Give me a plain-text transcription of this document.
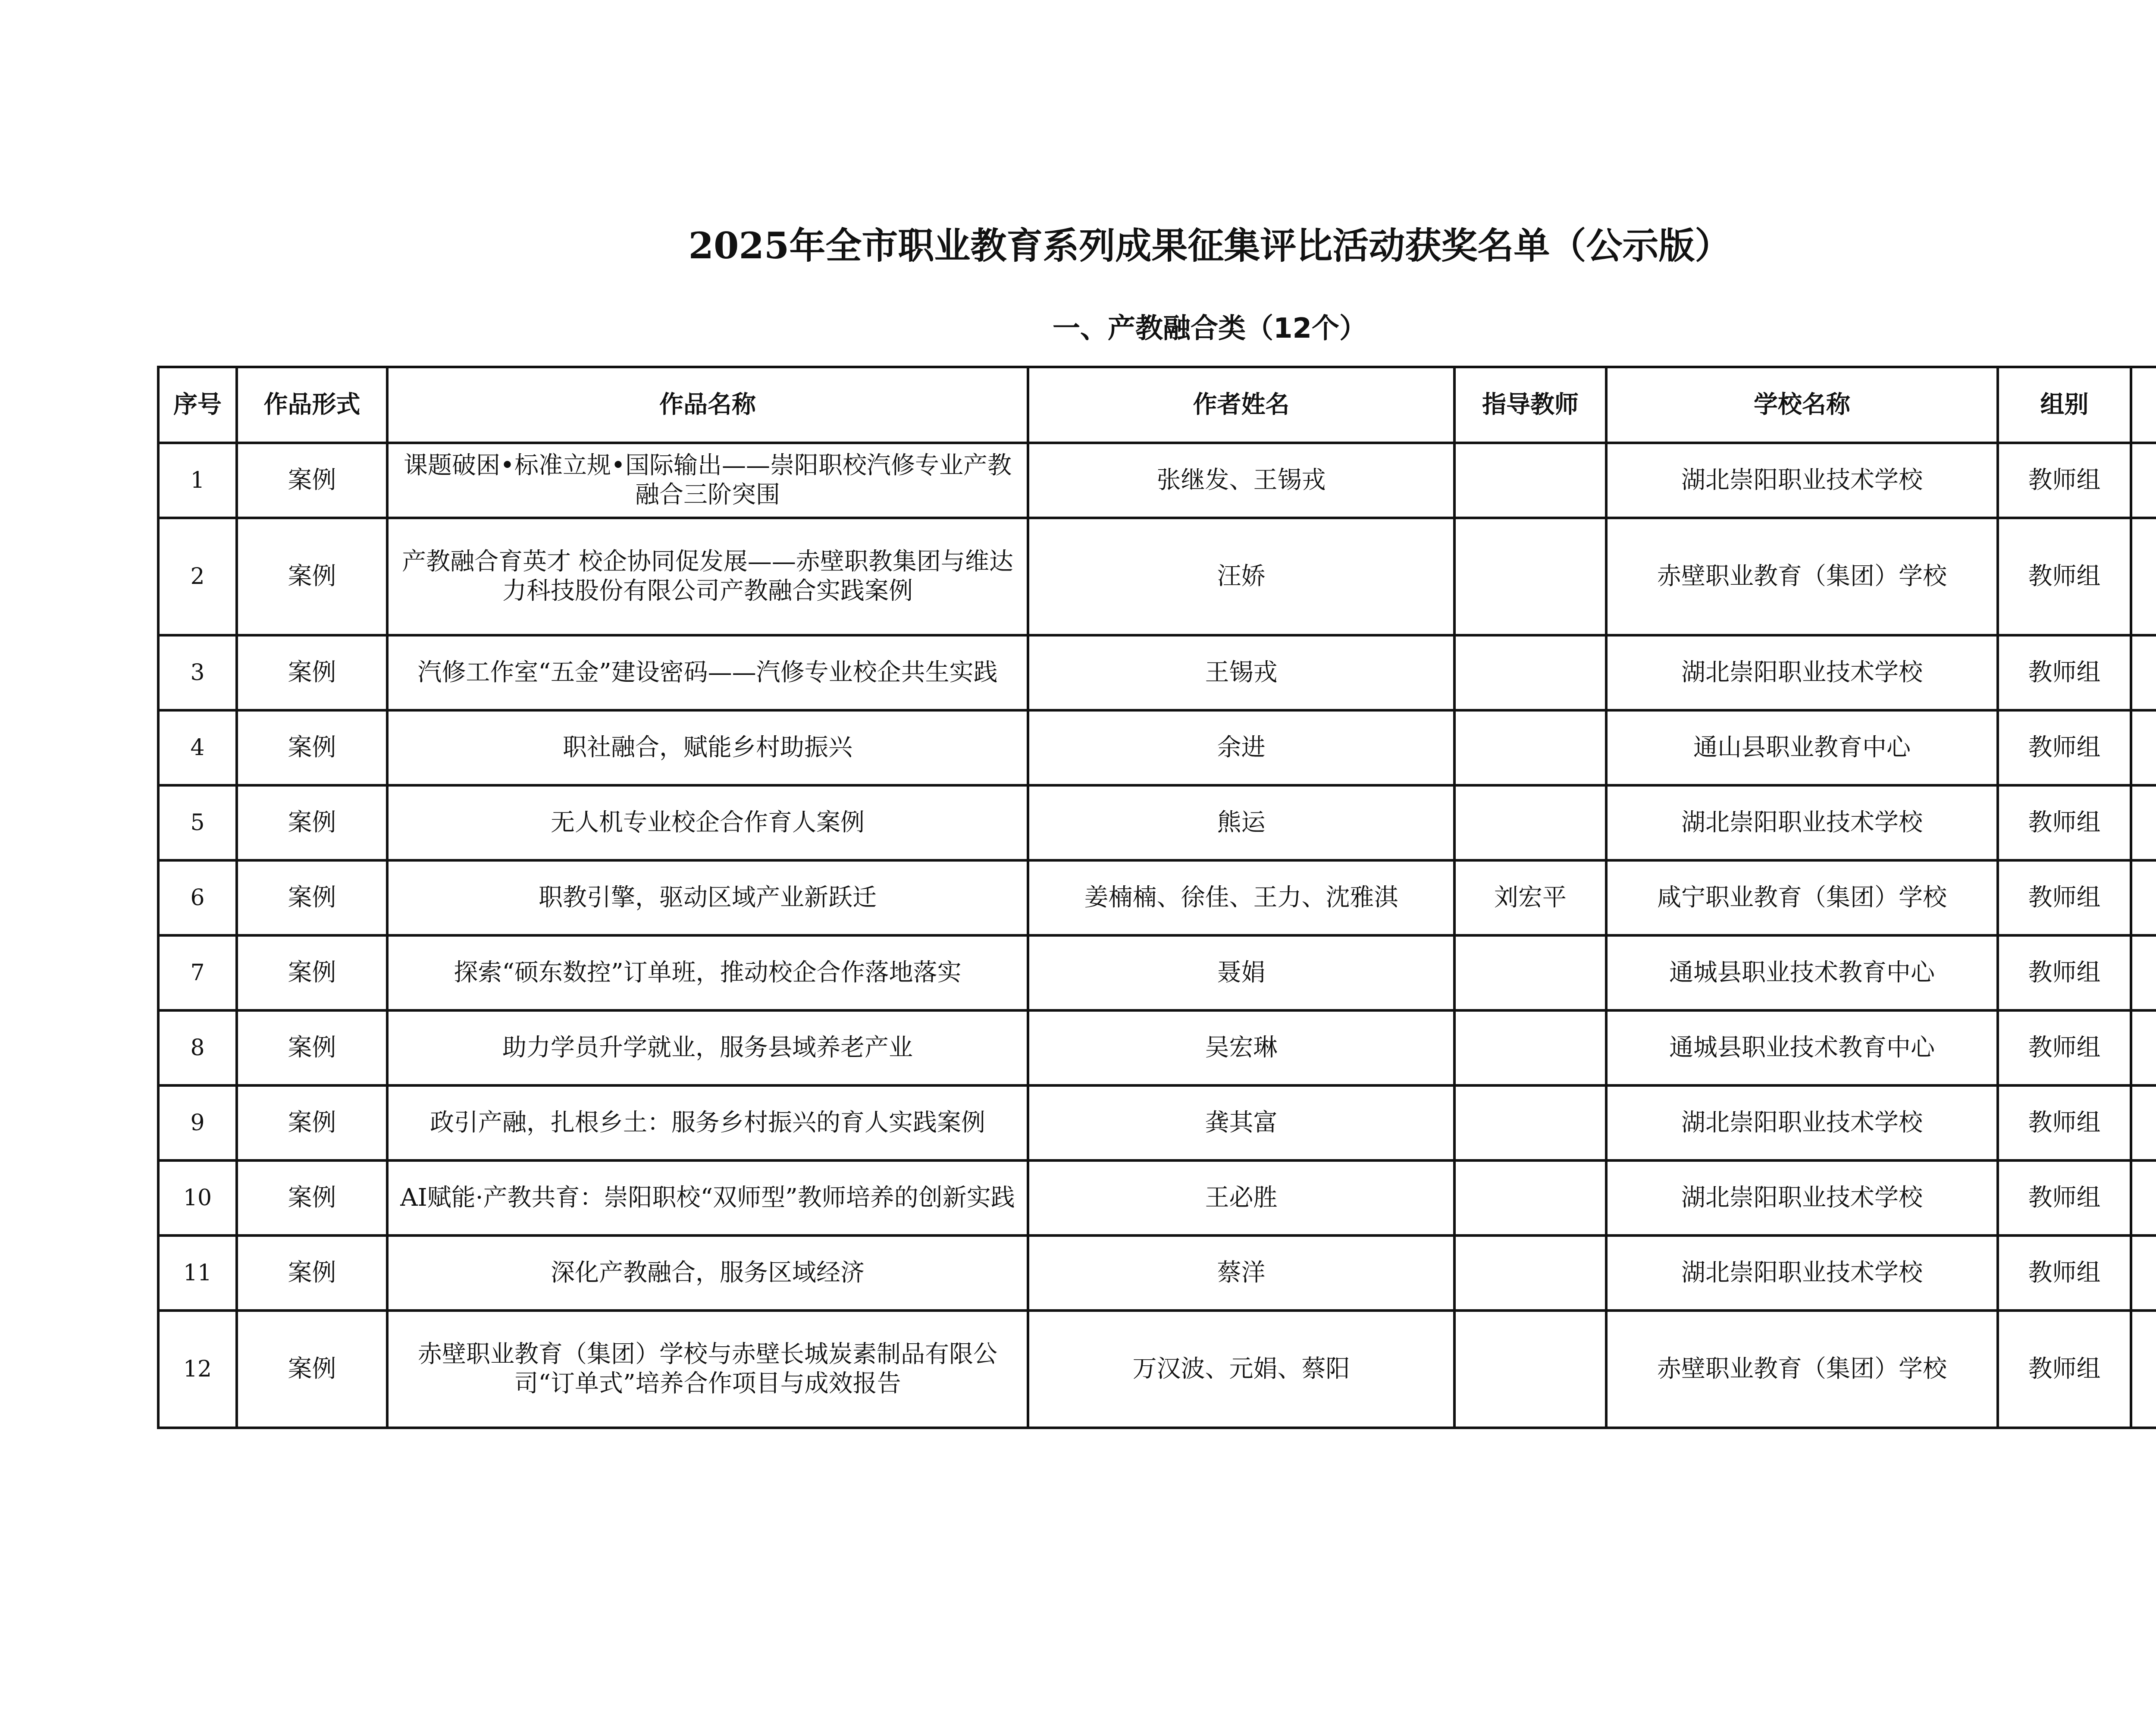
2025年全市职业教育系列成果征集评比活动获奖名单（公示版）
一、产教融合类（12个）
序号	作品形式	作品名称	作者姓名	指导教师	学校名称	组别	
1	案例	课题破困•标准立规•国际输出——崇阳职校汽修专业产教融合三阶突围	张继发、王锡戎		湖北崇阳职业技术学校	教师组	
2	案例	产教融合育英才 校企协同促发展——赤壁职教集团与维达力科技股份有限公司产教融合实践案例	汪娇		赤壁职业教育（集团）学校	教师组	
3	案例	汽修工作室“五金”建设密码——汽修专业校企共生实践	王锡戎		湖北崇阳职业技术学校	教师组	
4	案例	职社融合，赋能乡村助振兴	余进		通山县职业教育中心	教师组	
5	案例	无人机专业校企合作育人案例	熊运		湖北崇阳职业技术学校	教师组	
6	案例	职教引擎，驱动区域产业新跃迁	姜楠楠、徐佳、王力、沈雅淇	刘宏平	咸宁职业教育（集团）学校	教师组	
7	案例	探索“硕东数控”订单班，推动校企合作落地落实	聂娟		通城县职业技术教育中心	教师组	
8	案例	助力学员升学就业，服务县域养老产业	吴宏琳		通城县职业技术教育中心	教师组	
9	案例	政引产融，扎根乡土：服务乡村振兴的育人实践案例	龚其富		湖北崇阳职业技术学校	教师组	
10	案例	AI赋能·产教共育：崇阳职校“双师型”教师培养的创新实践	王必胜		湖北崇阳职业技术学校	教师组	
11	案例	深化产教融合，服务区域经济	蔡洋		湖北崇阳职业技术学校	教师组	
12	案例	赤壁职业教育（集团）学校与赤壁长城炭素制品有限公司“订单式”培养合作项目与成效报告	万汉波、元娟、蔡阳		赤壁职业教育（集团）学校	教师组	
